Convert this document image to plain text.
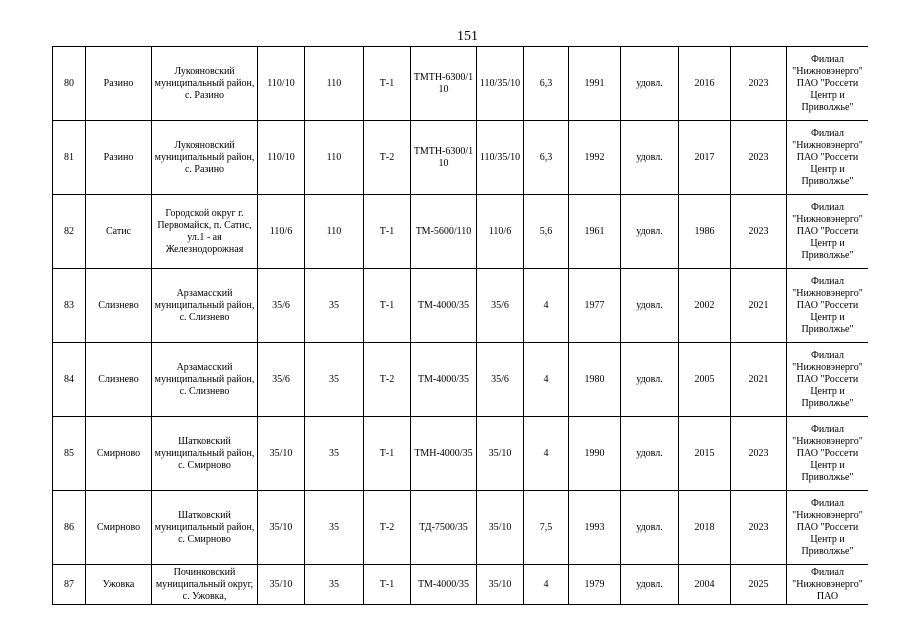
151
80	Разино	Лукояновский муниципальный район, с. Разино	110/10	110	Т-1	ТМТН-6300/110	110/35/10	6,3	1991	удовл.	2016	2023	Филиал "Нижновэнерго" ПАО "Россети Центр и Приволжье"
81	Разино	Лукояновский муниципальный район, с. Разино	110/10	110	Т-2	ТМТН-6300/110	110/35/10	6,3	1992	удовл.	2017	2023	Филиал "Нижновэнерго" ПАО "Россети Центр и Приволжье"
82	Сатис	Городской округ г. Первомайск, п. Сатис, ул.1 - ая Железнодорожная	110/6	110	Т-1	ТМ-5600/110	110/6	5,6	1961	удовл.	1986	2023	Филиал "Нижновэнерго" ПАО "Россети Центр и Приволжье"
83	Слизнево	Арзамасский муниципальный район, с. Слизнево	35/6	35	Т-1	ТМ-4000/35	35/6	4	1977	удовл.	2002	2021	Филиал "Нижновэнерго" ПАО "Россети Центр и Приволжье"
84	Слизнево	Арзамасский муниципальный район, с. Слизнево	35/6	35	Т-2	ТМ-4000/35	35/6	4	1980	удовл.	2005	2021	Филиал "Нижновэнерго" ПАО "Россети Центр и Приволжье"
85	Смирново	Шатковский муниципальный район, с. Смирново	35/10	35	Т-1	ТМН-4000/35	35/10	4	1990	удовл.	2015	2023	Филиал "Нижновэнерго" ПАО "Россети Центр и Приволжье"
86	Смирново	Шатковский муниципальный район, с. Смирново	35/10	35	Т-2	ТД-7500/35	35/10	7,5	1993	удовл.	2018	2023	Филиал "Нижновэнерго" ПАО "Россети Центр и Приволжье"
87	Ужовка	Починковский муниципальный округ, с. Ужовка,	35/10	35	Т-1	ТМ-4000/35	35/10	4	1979	удовл.	2004	2025	Филиал "Нижновэнерго" ПАО
